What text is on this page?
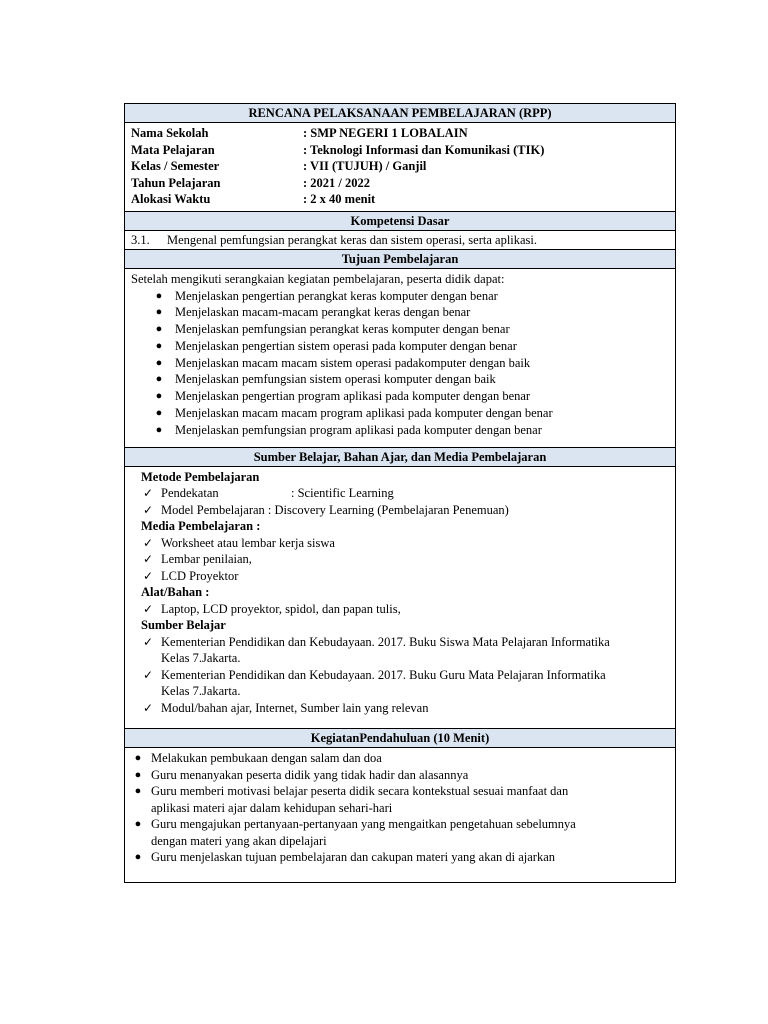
RENCANA PELAKSANAAN PEMBELAJARAN (RPP)
Nama Sekolah	: SMP NEGERI 1 LOBALAIN
Mata Pelajaran	: Teknologi Informasi dan Komunikasi (TIK)
Kelas / Semester	: VII (TUJUH) / Ganjil
Tahun Pelajaran	: 2021 / 2022
Alokasi Waktu	: 2 x 40 menit
Kompetensi Dasar
3.1.	Mengenal pemfungsian perangkat keras dan sistem operasi, serta aplikasi.
Tujuan Pembelajaran
Setelah mengikuti serangkaian kegiatan pembelajaran, peserta didik dapat:
●	Menjelaskan pengertian perangkat keras komputer dengan benar
●	Menjelaskan macam-macam perangkat keras dengan benar
●	Menjelaskan pemfungsian perangkat keras komputer dengan benar
●	Menjelaskan pengertian sistem operasi pada komputer dengan benar
●	Menjelaskan macam macam sistem operasi padakomputer dengan baik
●	Menjelaskan pemfungsian sistem operasi komputer dengan baik
●	Menjelaskan pengertian program aplikasi pada komputer dengan benar
●	Menjelaskan macam macam program aplikasi pada komputer dengan benar
●	Menjelaskan pemfungsian program aplikasi pada komputer dengan benar
Sumber Belajar, Bahan Ajar, dan Media Pembelajaran
Metode Pembelajaran
✓ Pendekatan	: Scientific Learning
✓ Model Pembelajaran : Discovery Learning (Pembelajaran Penemuan)
Media Pembelajaran :
✓ Worksheet atau lembar kerja siswa
✓ Lembar penilaian,
✓ LCD Proyektor
Alat/Bahan :
✓ Laptop, LCD proyektor, spidol, dan papan tulis,
Sumber Belajar
✓ Kementerian Pendidikan dan Kebudayaan. 2017. Buku Siswa Mata Pelajaran Informatika
Kelas 7.Jakarta.
✓ Kementerian Pendidikan dan Kebudayaan. 2017. Buku Guru Mata Pelajaran Informatika
Kelas 7.Jakarta.
✓ Modul/bahan ajar, Internet, Sumber lain yang relevan
KegiatanPendahuluan (10 Menit)
● Melakukan pembukaan dengan salam dan doa
● Guru menanyakan peserta didik yang tidak hadir dan alasannya
● Guru memberi motivasi belajar peserta didik secara kontekstual sesuai manfaat dan
aplikasi materi ajar dalam kehidupan sehari-hari
● Guru mengajukan pertanyaan-pertanyaan yang mengaitkan pengetahuan sebelumnya
dengan materi yang akan dipelajari
● Guru menjelaskan tujuan pembelajaran dan cakupan materi yang akan di ajarkan
